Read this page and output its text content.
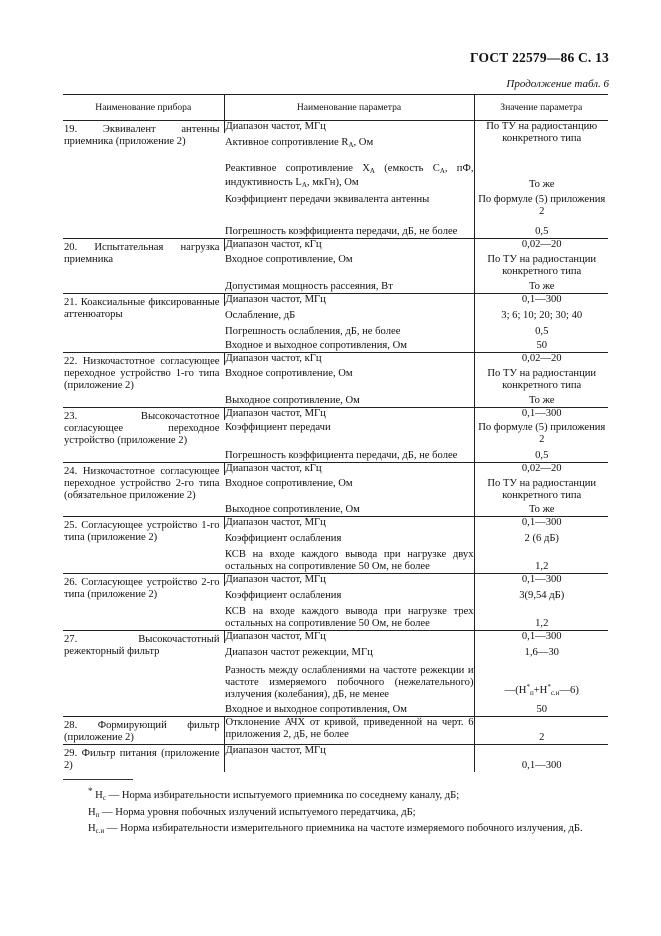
ГОСТ 22579—86 С. 13
Продолжение табл. 6
Наименование прибора	Наименование параметра	Значение параметра
19. Эквивалент антенны приемника (приложение 2)	Диапазон частот, МГц	По ТУ на радиостанцию конкретного типа
	Активное сопротивление $R_А$, Ом	
	Реактивное сопротивление $X_А$ (емкость $C_А$, пФ, индуктивность $L_А$, мкГн), Ом	То же
	Коэффициент передачи эквивалента антенны	По формуле (5) приложения 2
	Погрешность коэффициента передачи, дБ, не более	0,5
20. Испытательная нагрузка приемника	Диапазон частот, кГц	0,02—20
	Входное сопротивление, Ом	По ТУ на радиостанции конкретного типа
	Допустимая мощность рассеяния, Вт	То же
21. Коаксиальные фиксированные аттенюаторы	Диапазон частот, МГц	0,1—300
	Ослабление, дБ	3; 6; 10; 20; 30; 40
	Погрешность ослабления, дБ, не более	0,5
	Входное и выходное сопротивления, Ом	50
22. Низкочастотное согласующее переходное устройство 1-го типа (приложение 2)	Диапазон частот, кГц	0,02—20
	Входное сопротивление, Ом	По ТУ на радиостанции конкретного типа
	Выходное сопротивление, Ом	То же
23. Высокочастотное согласующее переходное устройство (приложение 2)	Диапазон частот, МГц	0,1—300
	Коэффициент передачи	По формуле (5) приложения 2
	Погрешность коэффициента передачи, дБ, не более	0,5
24. Низкочастотное согласующее переходное устройство 2-го типа (обязательное приложение 2)	Диапазон частот, кГц	0,02—20
	Входное сопротивление, Ом	По ТУ на радиостанции конкретного типа
	Выходное сопротивление, Ом	То же
25. Согласующее устройство 1-го типа (приложение 2)	Диапазон частот, МГц	0,1—300
	Коэффициент ослабления	2 (6 дБ)
	КСВ на входе каждого вывода при нагрузке двух остальных на сопротивление 50 Ом, не более	1,2
26. Согласующее устройство 2-го типа (приложение 2)	Диапазон частот, МГц	0,1—300
	Коэффициент ослабления	3(9,54 дБ)
	КСВ на входе каждого вывода при нагрузке трех остальных на сопротивление 50 Ом, не более	1,2
27. Высокочастотный режекторный фильтр	Диапазон частот, МГц	0,1—300
	Диапазон частот режекции, МГц	1,6—30
	Разность между ослаблениями на частоте режекции и частоте измеряемого побочного (нежелательного) излучения (колебания), дБ, не менее	$—(Н^*_п+Н^*_{с.и}—6)$
	Входное и выходное сопротивления, Ом	50
28. Формирующий фильтр (приложение 2)	Отклонение АЧХ от кривой, приведенной на черт. 6 приложения 2, дБ, не более	2
29. Фильтр питания (приложение 2)	Диапазон частот, МГц	0,1—300
* $Н_с$ — Норма избирательности испытуемого приемника по соседнему каналу, дБ;
$Н_п$ — Норма уровня побочных излучений испытуемого передатчика, дБ;
$Н_{с.и}$ — Норма избирательности измерительного приемника на частоте измеряемого побочного излучения, дБ.
